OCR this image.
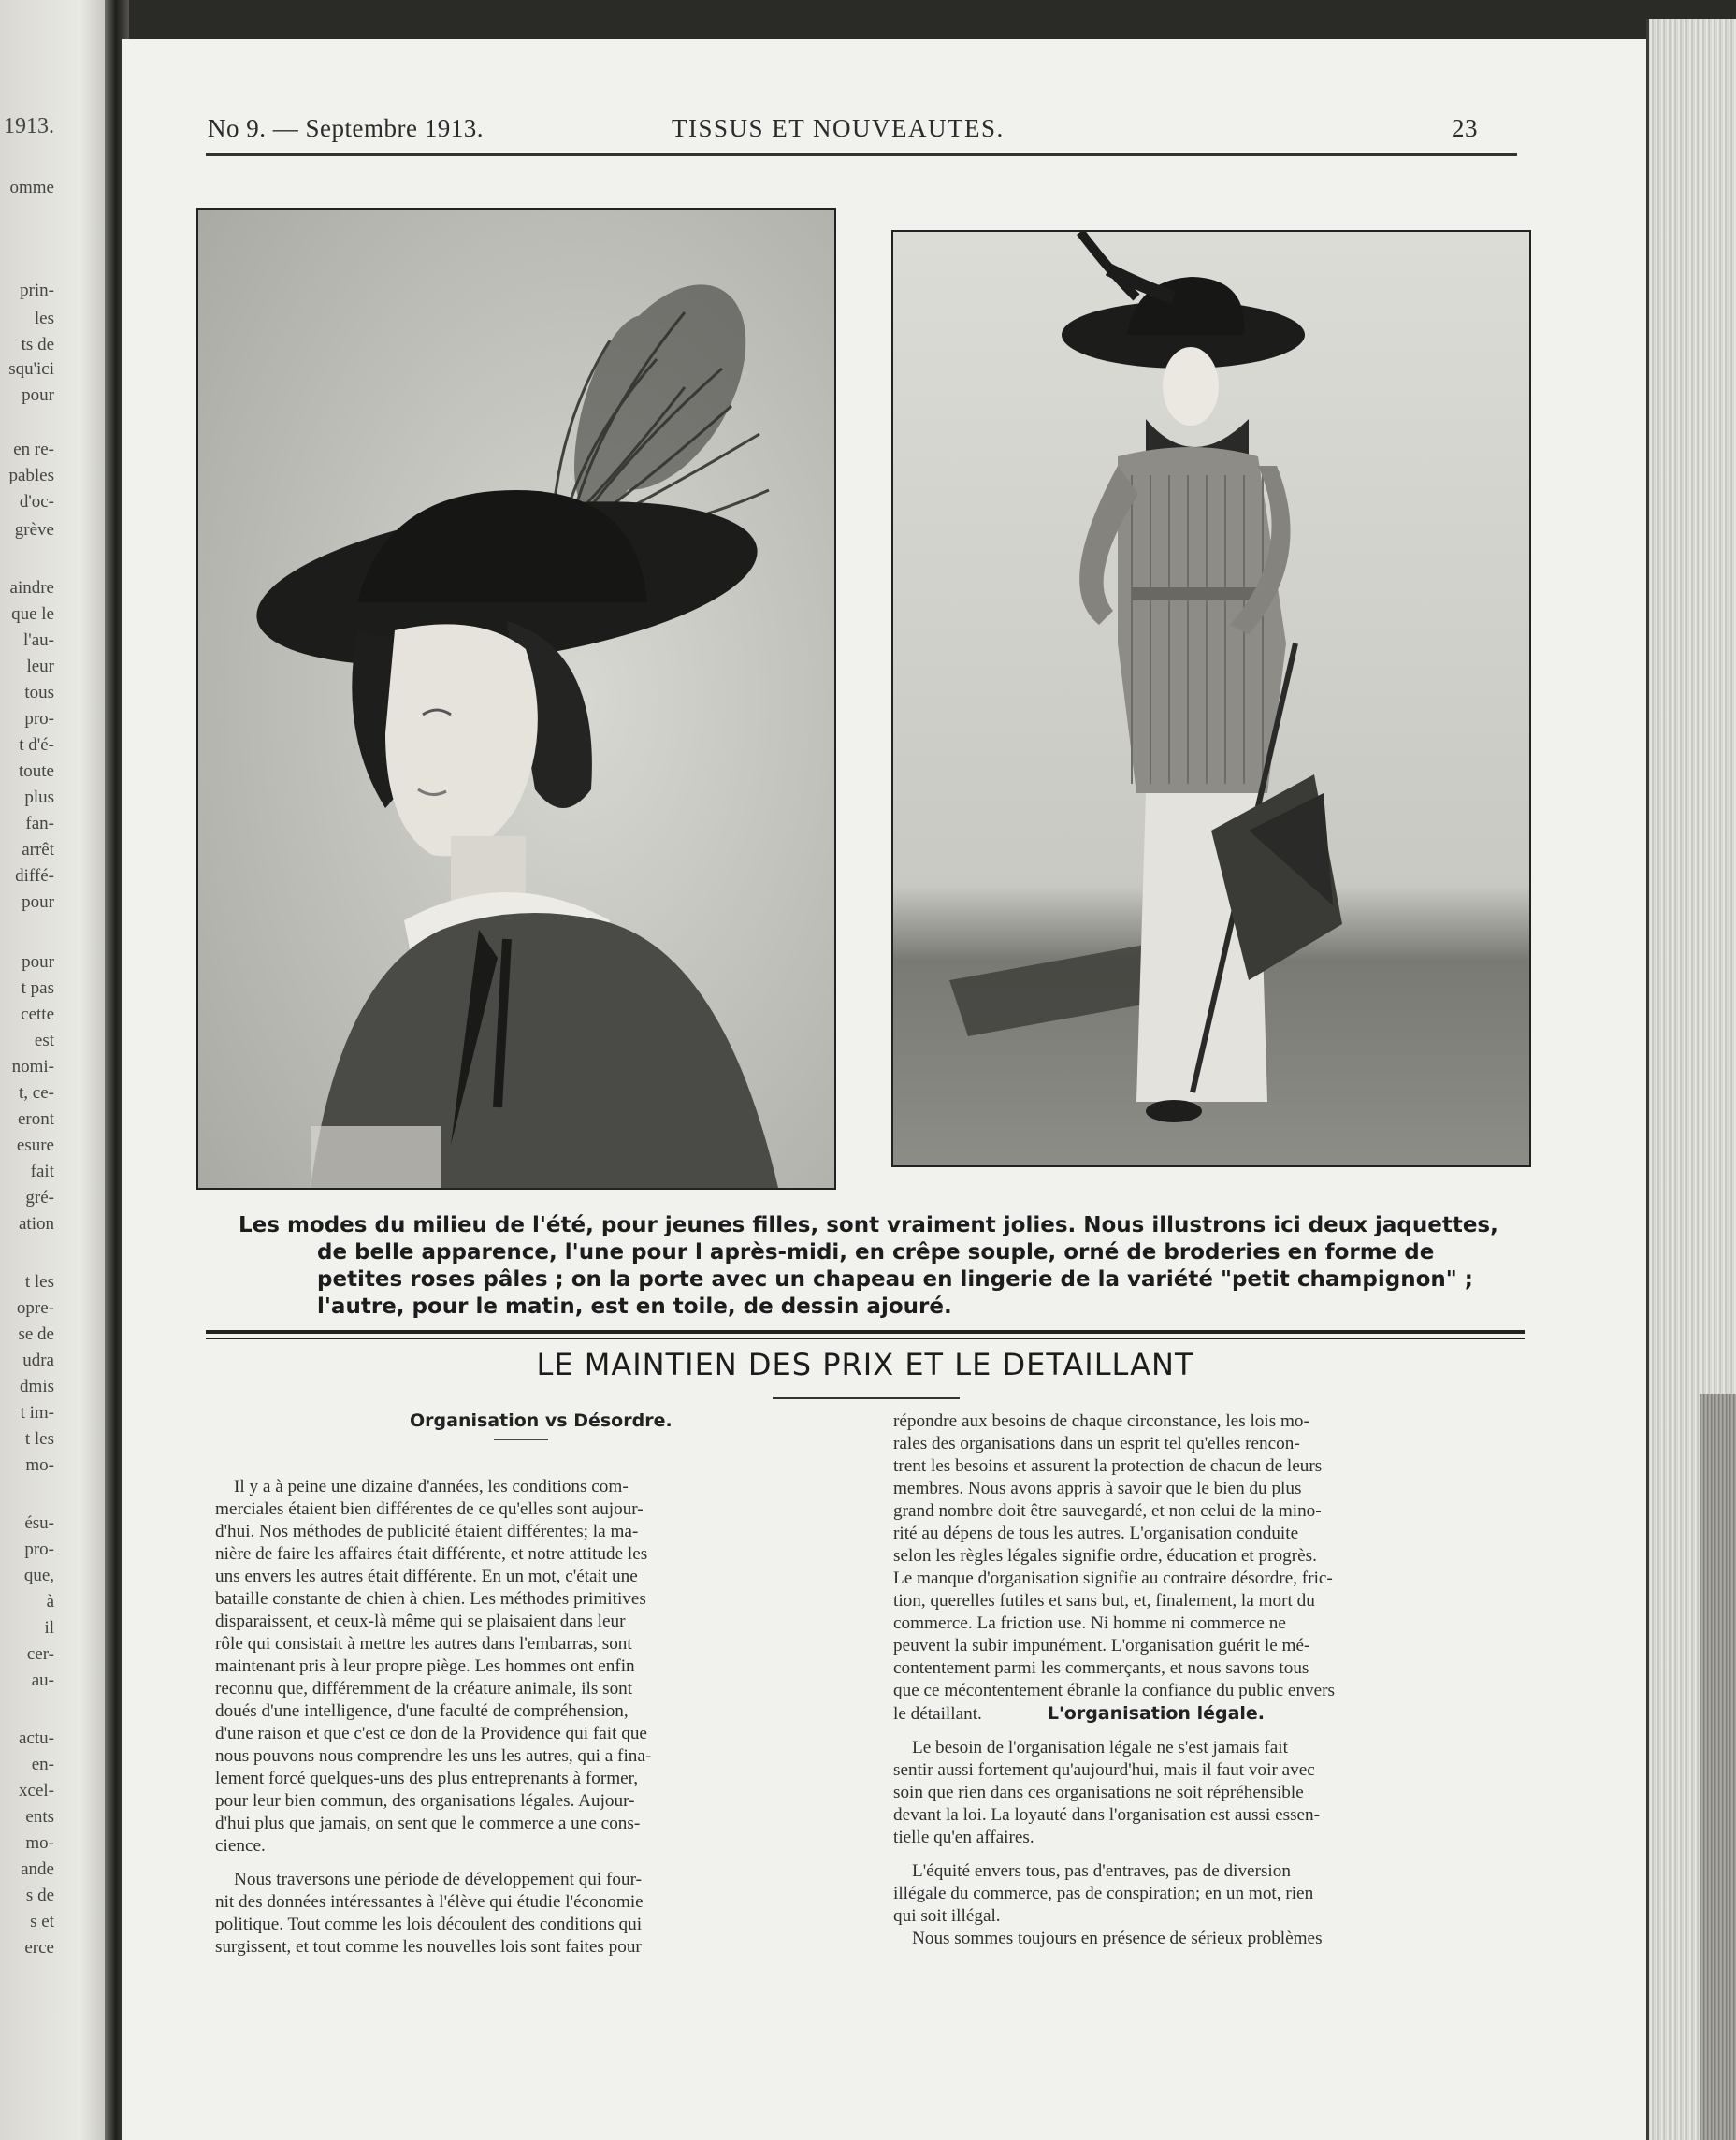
1913.
omme
prin-
les
ts de
squ'ici
pour
en re-
pables
d'oc-
grève
aindre
que le
l'au-
leur
tous
pro-
t d'é-
toute
plus
fan-
arrêt
diffé-
pour
pour
t pas
cette
est
nomi-
t, ce-
eront
esure
fait
gré-
ation
t les
opre-
se de
udra
dmis
t im-
t les
mo-
ésu-
pro-
que,
à
il
cer-
au-
actu-
en-
xcel-
ents
mo-
ande
s de
s et
erce
No 9. — Septembre 1913.	TISSUS ET NOUVEAUTES.	23
Les modes du milieu de l'été, pour jeunes filles, sont vraiment jolies. Nous illustrons ici deux jaquettes,
de belle apparence, l'une pour l après-midi, en crêpe souple, orné de broderies en forme de
petites roses pâles ; on la porte avec un chapeau en lingerie de la variété "petit champignon" ;
l'autre, pour le matin, est en toile, de dessin ajouré.
LE MAINTIEN DES PRIX ET LE DETAILLANT
Organisation vs Désordre.
Il y a à peine une dizaine d'années, les conditions com-
merciales étaient bien différentes de ce qu'elles sont aujour-
d'hui. Nos méthodes de publicité étaient différentes; la ma-
nière de faire les affaires était différente, et notre attitude les
uns envers les autres était différente. En un mot, c'était une
bataille constante de chien à chien. Les méthodes primitives
disparaissent, et ceux-là même qui se plaisaient dans leur
rôle qui consistait à mettre les autres dans l'embarras, sont
maintenant pris à leur propre piège. Les hommes ont enfin
reconnu que, différemment de la créature animale, ils sont
doués d'une intelligence, d'une faculté de compréhension,
d'une raison et que c'est ce don de la Providence qui fait que
nous pouvons nous comprendre les uns les autres, qui a fina-
lement forcé quelques-uns des plus entreprenants à former,
pour leur bien commun, des organisations légales. Aujour-
d'hui plus que jamais, on sent que le commerce a une cons-
cience.
Nous traversons une période de développement qui four-
nit des données intéressantes à l'élève qui étudie l'économie
politique. Tout comme les lois découlent des conditions qui
surgissent, et tout comme les nouvelles lois sont faites pour
répondre aux besoins de chaque circonstance, les lois mo-
rales des organisations dans un esprit tel qu'elles rencon-
trent les besoins et assurent la protection de chacun de leurs
membres. Nous avons appris à savoir que le bien du plus
grand nombre doit être sauvegardé, et non celui de la mino-
rité au dépens de tous les autres. L'organisation conduite
selon les règles légales signifie ordre, éducation et progrès.
Le manque d'organisation signifie au contraire désordre, fric-
tion, querelles futiles et sans but, et, finalement, la mort du
commerce. La friction use. Ni homme ni commerce ne
peuvent la subir impunément. L'organisation guérit le mé-
contentement parmi les commerçants, et nous savons tous
que ce mécontentement ébranle la confiance du public envers
le détaillant.	L'organisation légale.
Le besoin de l'organisation légale ne s'est jamais fait
sentir aussi fortement qu'aujourd'hui, mais il faut voir avec
soin que rien dans ces organisations ne soit répréhensible
devant la loi. La loyauté dans l'organisation est aussi essen-
tielle qu'en affaires.
L'équité envers tous, pas d'entraves, pas de diversion
illégale du commerce, pas de conspiration; en un mot, rien
qui soit illégal.
Nous sommes toujours en présence de sérieux problèmes
